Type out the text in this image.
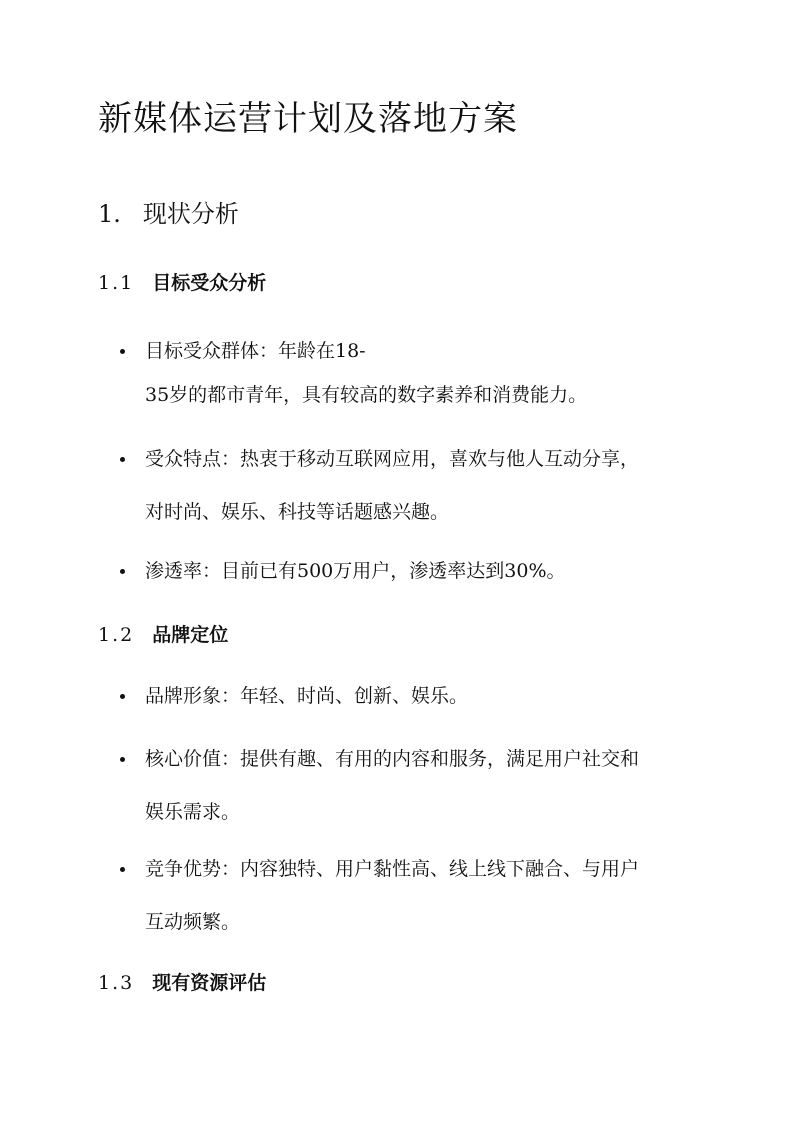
新媒体运营计划及落地方案
1. 现状分析
1.1 目标受众分析
目标受众群体：年龄在18-
35岁的都市青年，具有较高的数字素养和消费能力。
受众特点：热衷于移动互联网应用，喜欢与他人互动分享，
对时尚、娱乐、科技等话题感兴趣。
渗透率：目前已有500万用户，渗透率达到30%。
1.2 品牌定位
品牌形象：年轻、时尚、创新、娱乐。
核心价值：提供有趣、有用的内容和服务，满足用户社交和
娱乐需求。
竞争优势：内容独特、用户黏性高、线上线下融合、与用户
互动频繁。
1.3 现有资源评估
